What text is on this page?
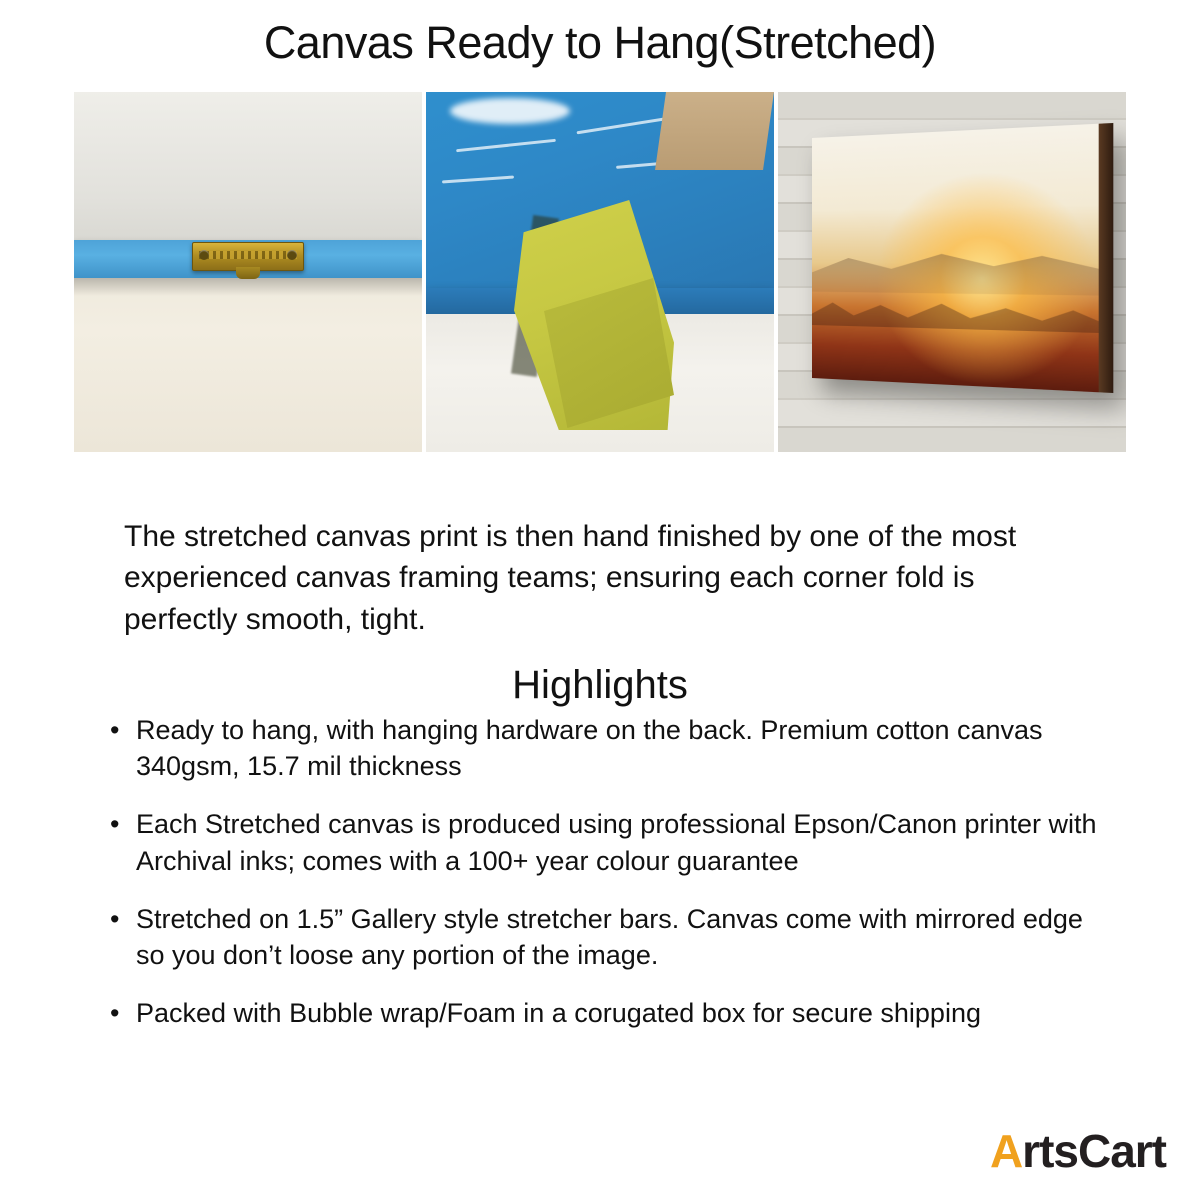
Canvas Ready to Hang(Stretched)

The stretched canvas print is then hand finished by one of the most experienced canvas framing teams; ensuring each corner fold is perfectly smooth, tight.

Highlights
• Ready to hang, with hanging hardware on the back. Premium cotton canvas 340gsm, 15.7 mil thickness
• Each Stretched canvas is produced using professional Epson/Canon printer with Archival inks; comes with a 100+ year colour guarantee
• Stretched on 1.5” Gallery style stretcher bars. Canvas come with mirrored edge so you don’t loose any portion of the image.
• Packed with Bubble wrap/Foam in a corugated box for secure shipping
ArtsCart
